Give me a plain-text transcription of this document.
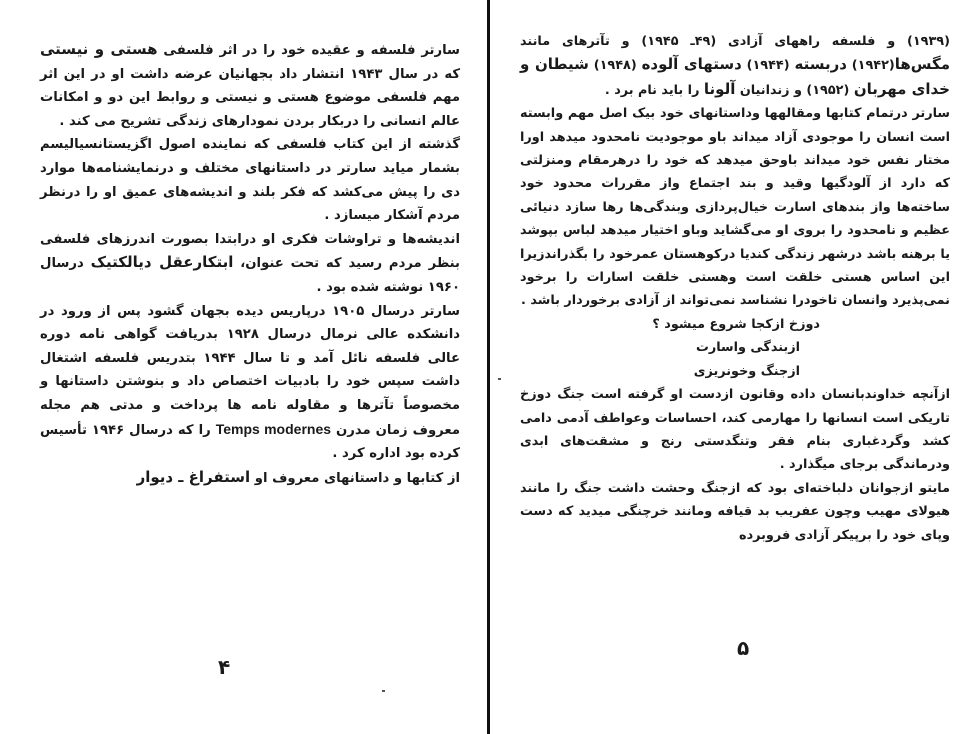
سارتر فلسفه و عقیده خود را در اثر فلسفی هستی و نیستی که در سال ۱۹۴۳ انتشار داد بجهانیان عرضه داشت او در این اثر مهم فلسفی موضوع هستی و نیستی و روابط این دو و امکانات عالم انسانی را دربکار بردن نمودارهای زندگی تشریح می کند .

گذشته از این کتاب فلسفی که نماینده اصول اگزیستانسیالیسم بشمار میاید سارتر در داستانهای مختلف و درنمایشنامه‌ها موارد دی را پیش می‌کشد که فکر بلند و اندیشه‌های عمیق او را درنظر مردم آشکار میسازد .

اندیشه‌ها و تراوشات فکری او درابتدا بصورت اندرزهای فلسفی بنظر مردم رسید که تحت عنوان، ابتکارعقل دیالکتیک درسال ۱۹۶۰ نوشته شده بود .

سارتر درسال ۱۹۰۵ درپاریس دیده بجهان گشود پس از ورود در دانشکده عالی نرمال درسال ۱۹۲۸ بدریافت گواهی نامه دوره عالی فلسفه نائل آمد و تا سال ۱۹۴۴ بتدریس فلسفه اشتغال داشت سپس خود را بادبیات اختصاص داد و بنوشتن داستانها و مخصوصاً تآترها و مقاوله نامه ها پرداخت و مدتی هم مجله معروف زمان مدرن Temps modernes را که درسال ۱۹۴۶ تأسیس کرده بود اداره کرد .

از کتابها و داستانهای معروف او استفراغ ـ دیوار

۴

(۱۹۳۹) و فلسفه راههای آزادی (۴۹ـ ۱۹۴۵) و تآترهای مانند مگس‌ها(۱۹۴۲) دربسته (۱۹۴۴) دستهای آلوده (۱۹۴۸) شیطان و خدای مهربان (۱۹۵۲) و زندانیان آلونا را باید نام برد .

سارتر درتمام کتابها ومقالهها وداستانهای خود بیک اصل مهم وابسته است انسان را موجودی آزاد میداند باو موجودیت نامحدود میدهد اورا مختار نفس خود میداند باوحق میدهد که خود را درهرمقام ومنزلتی که دارد از آلودگیها وقید و بند اجتماع واز مقررات محدود خود ساخته‌ها واز بندهای اسارت خیال‌پردازی وبندگی‌ها رها سازد دنیائی عظیم و نامحدود را بروی او می‌گشاید وباو اختیار میدهد لباس بپوشد یا برهنه باشد درشهر زندگی کندیا درکوهستان عمرخود را بگذراندزیرا این اساس هستی خلقت است وهستی خلقت اسارات را برخود نمی‌پذیرد وانسان تاخودرا نشناسد نمی‌تواند از آزادی برخوردار باشد .

دوزخ ازکجا شروع میشود ؟

ازبندگی واسارت

ازجنگ وخونریزی

ازآنچه خداوندبانسان داده وقانون ازدست او گرفته است جنگ دوزخ تاریکی است انسانها را مهارمی کند، احساسات وعواطف آدمی دامی کشد وگردغباری بنام فقر وتنگدستی رنج و مشقت‌های ابدی ودرماندگی برجای میگذارد .

مایتو ازجوانان دلباخته‌ای بود که ازجنگ وحشت داشت جنگ را مانند هیولای مهیب وچون عفریب بد قیافه ومانند خرچنگی میدید که دست وپای خود را برپیکر آزادی فروبرده

۵
